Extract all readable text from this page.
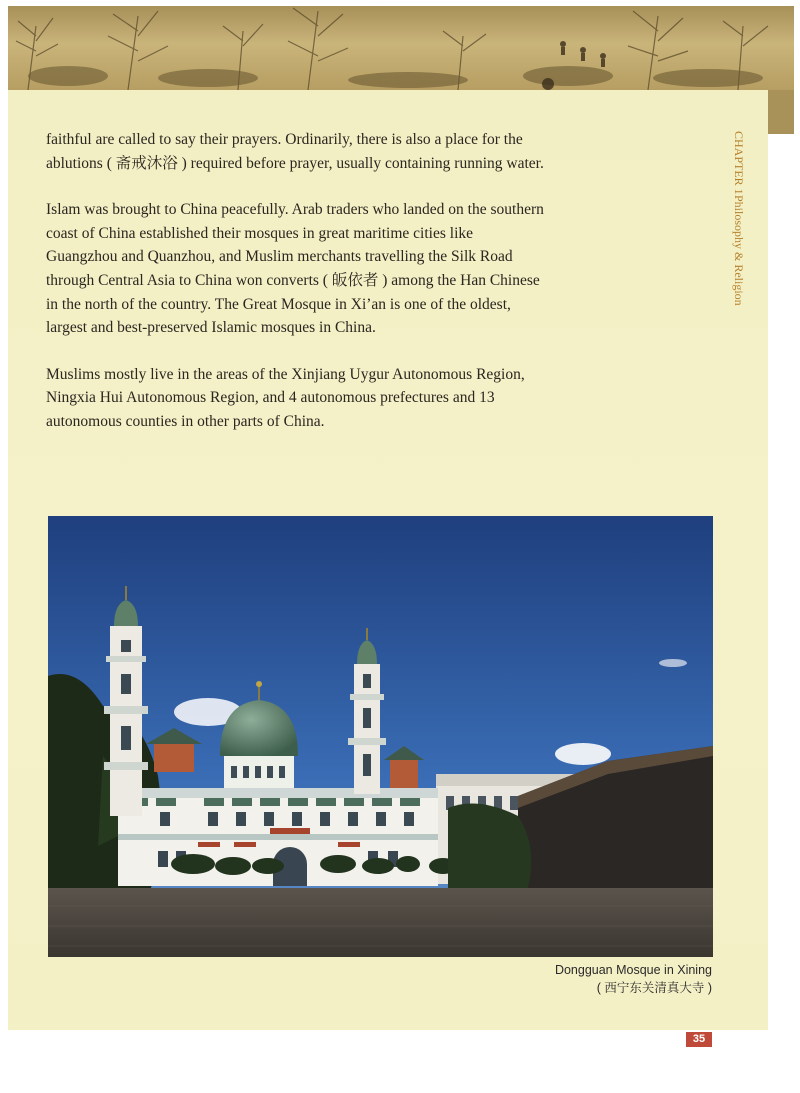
CHAPTER 1
Philosophy & Religion

faithful are called to say their prayers. Ordinarily, there is also a place for the ablutions ( 斋戒沐浴 ) required before prayer, usually containing running water.

Islam was brought to China peacefully. Arab traders who landed on the southern coast of China established their mosques in great maritime cities like Guangzhou and Quanzhou, and Muslim merchants travelling the Silk Road through Central Asia to China won converts ( 皈依者 ) among the Han Chinese in the north of the country. The Great Mosque in Xi’an is one of the oldest, largest and best-preserved Islamic mosques in China.

Muslims mostly live in the areas of the Xinjiang Uygur Autonomous Region, Ningxia Hui Autonomous Region, and 4 autonomous prefectures and 13 autonomous counties in other parts of China.

Dongguan Mosque in Xining
( 西宁东关清真大寺 )
35
